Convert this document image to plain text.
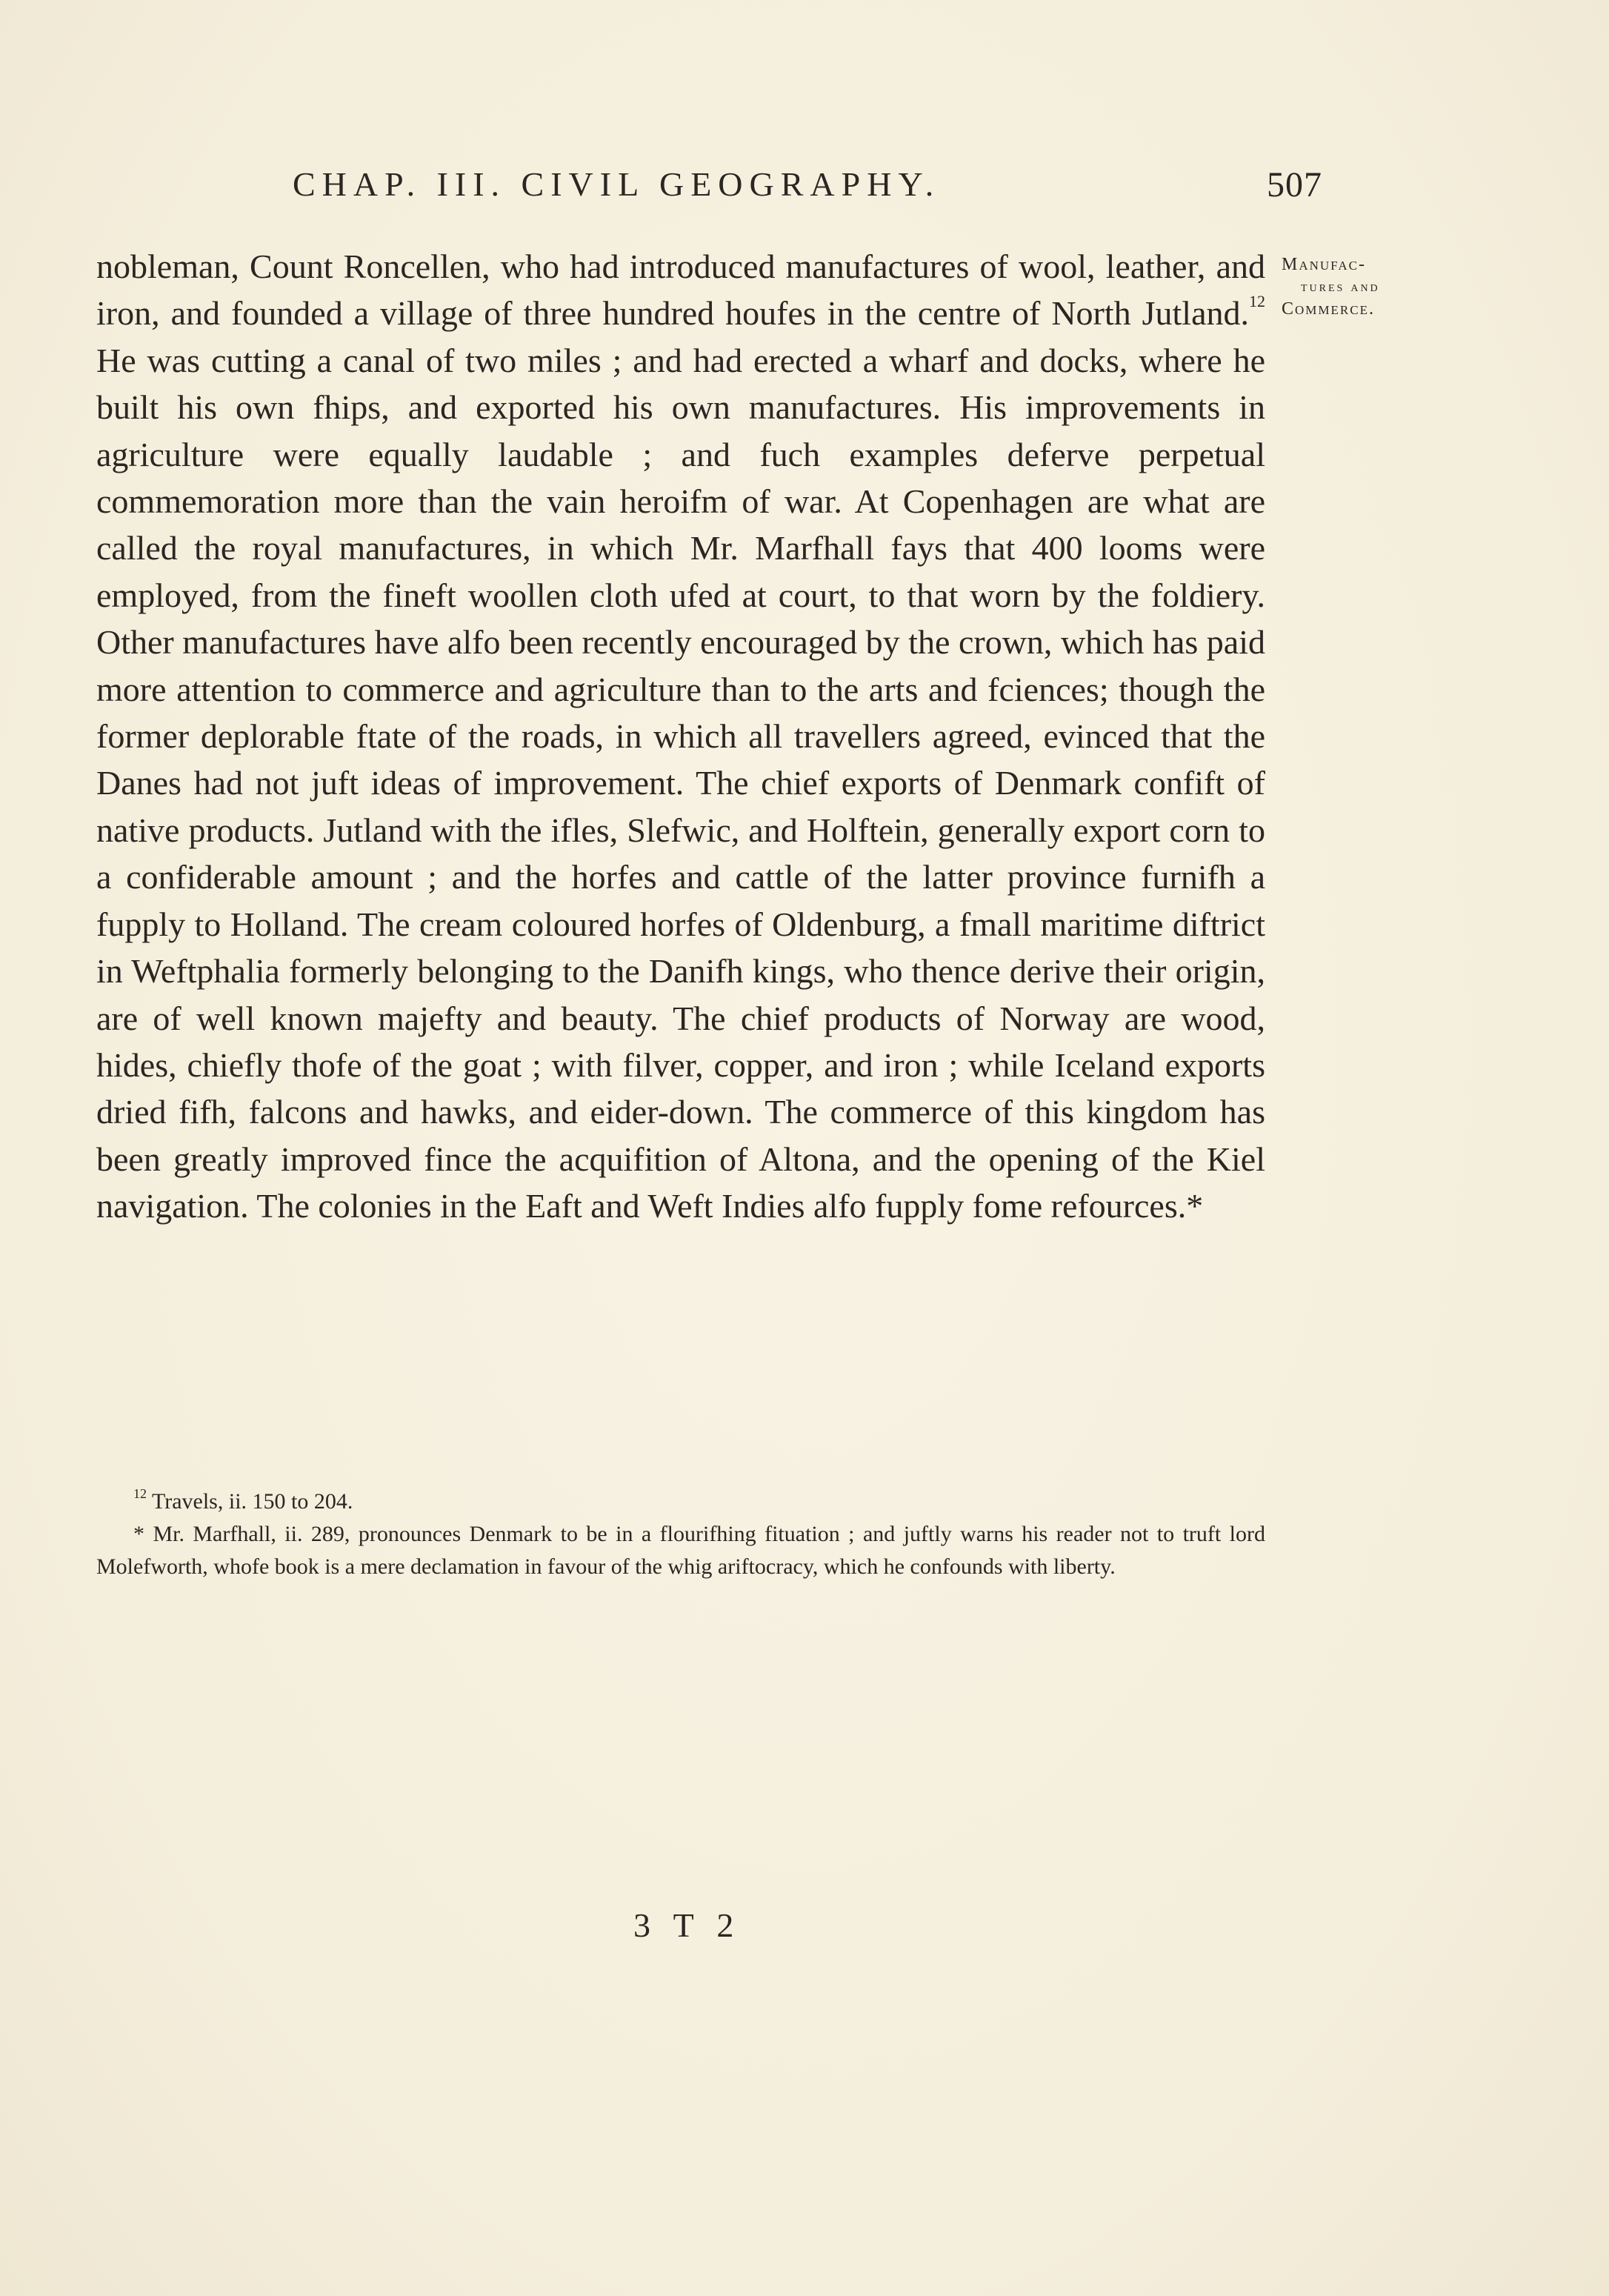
CHAP. III. CIVIL GEOGRAPHY.	507

nobleman, Count Roncellen, who had introduced manufactures of wool, leather, and iron, and founded a village of three hundred houfes in the centre of North Jutland.$^{12}$ He was cutting a canal of two miles ; and had erected a wharf and docks, where he built his own fhips, and exported his own manufactures. His improvements in agriculture were equally laudable ; and fuch examples deferve perpetual commemoration more than the vain heroifm of war. At Copenhagen are what are called the royal manufactures, in which Mr. Marfhall fays that 400 looms were employed, from the fineft woollen cloth ufed at court, to that worn by the foldiery. Other manufactures have alfo been recently encouraged by the crown, which has paid more attention to commerce and agriculture than to the arts and fciences; though the former deplorable ftate of the roads, in which all travellers agreed, evinced that the Danes had not juft ideas of improvement. The chief exports of Denmark confift of native products. Jutland with the ifles, Slefwic, and Holftein, generally export corn to a confiderable amount ; and the horfes and cattle of the latter province furnifh a fupply to Holland. The cream coloured horfes of Oldenburg, a fmall maritime diftrict in Weftphalia formerly belonging to the Danifh kings, who thence derive their origin, are of well known majefty and beauty. The chief products of Norway are wood, hides, chiefly thofe of the goat ; with filver, copper, and iron ; while Iceland exports dried fifh, falcons and hawks, and eider-down. The commerce of this kingdom has been greatly improved fince the acquifition of Altona, and the opening of the Kiel navigation. The colonies in the Eaft and Weft Indies alfo fupply fome refources.*

Manufac-
tures and
Commerce.

$^{12}$ Travels, ii. 150 to 204.

* Mr. Marfhall, ii. 289, pronounces Denmark to be in a flourifhing fituation ; and juftly warns his reader not to truft lord Molefworth, whofe book is a mere declamation in favour of the whig ariftocracy, which he confounds with liberty.

3 T 2
